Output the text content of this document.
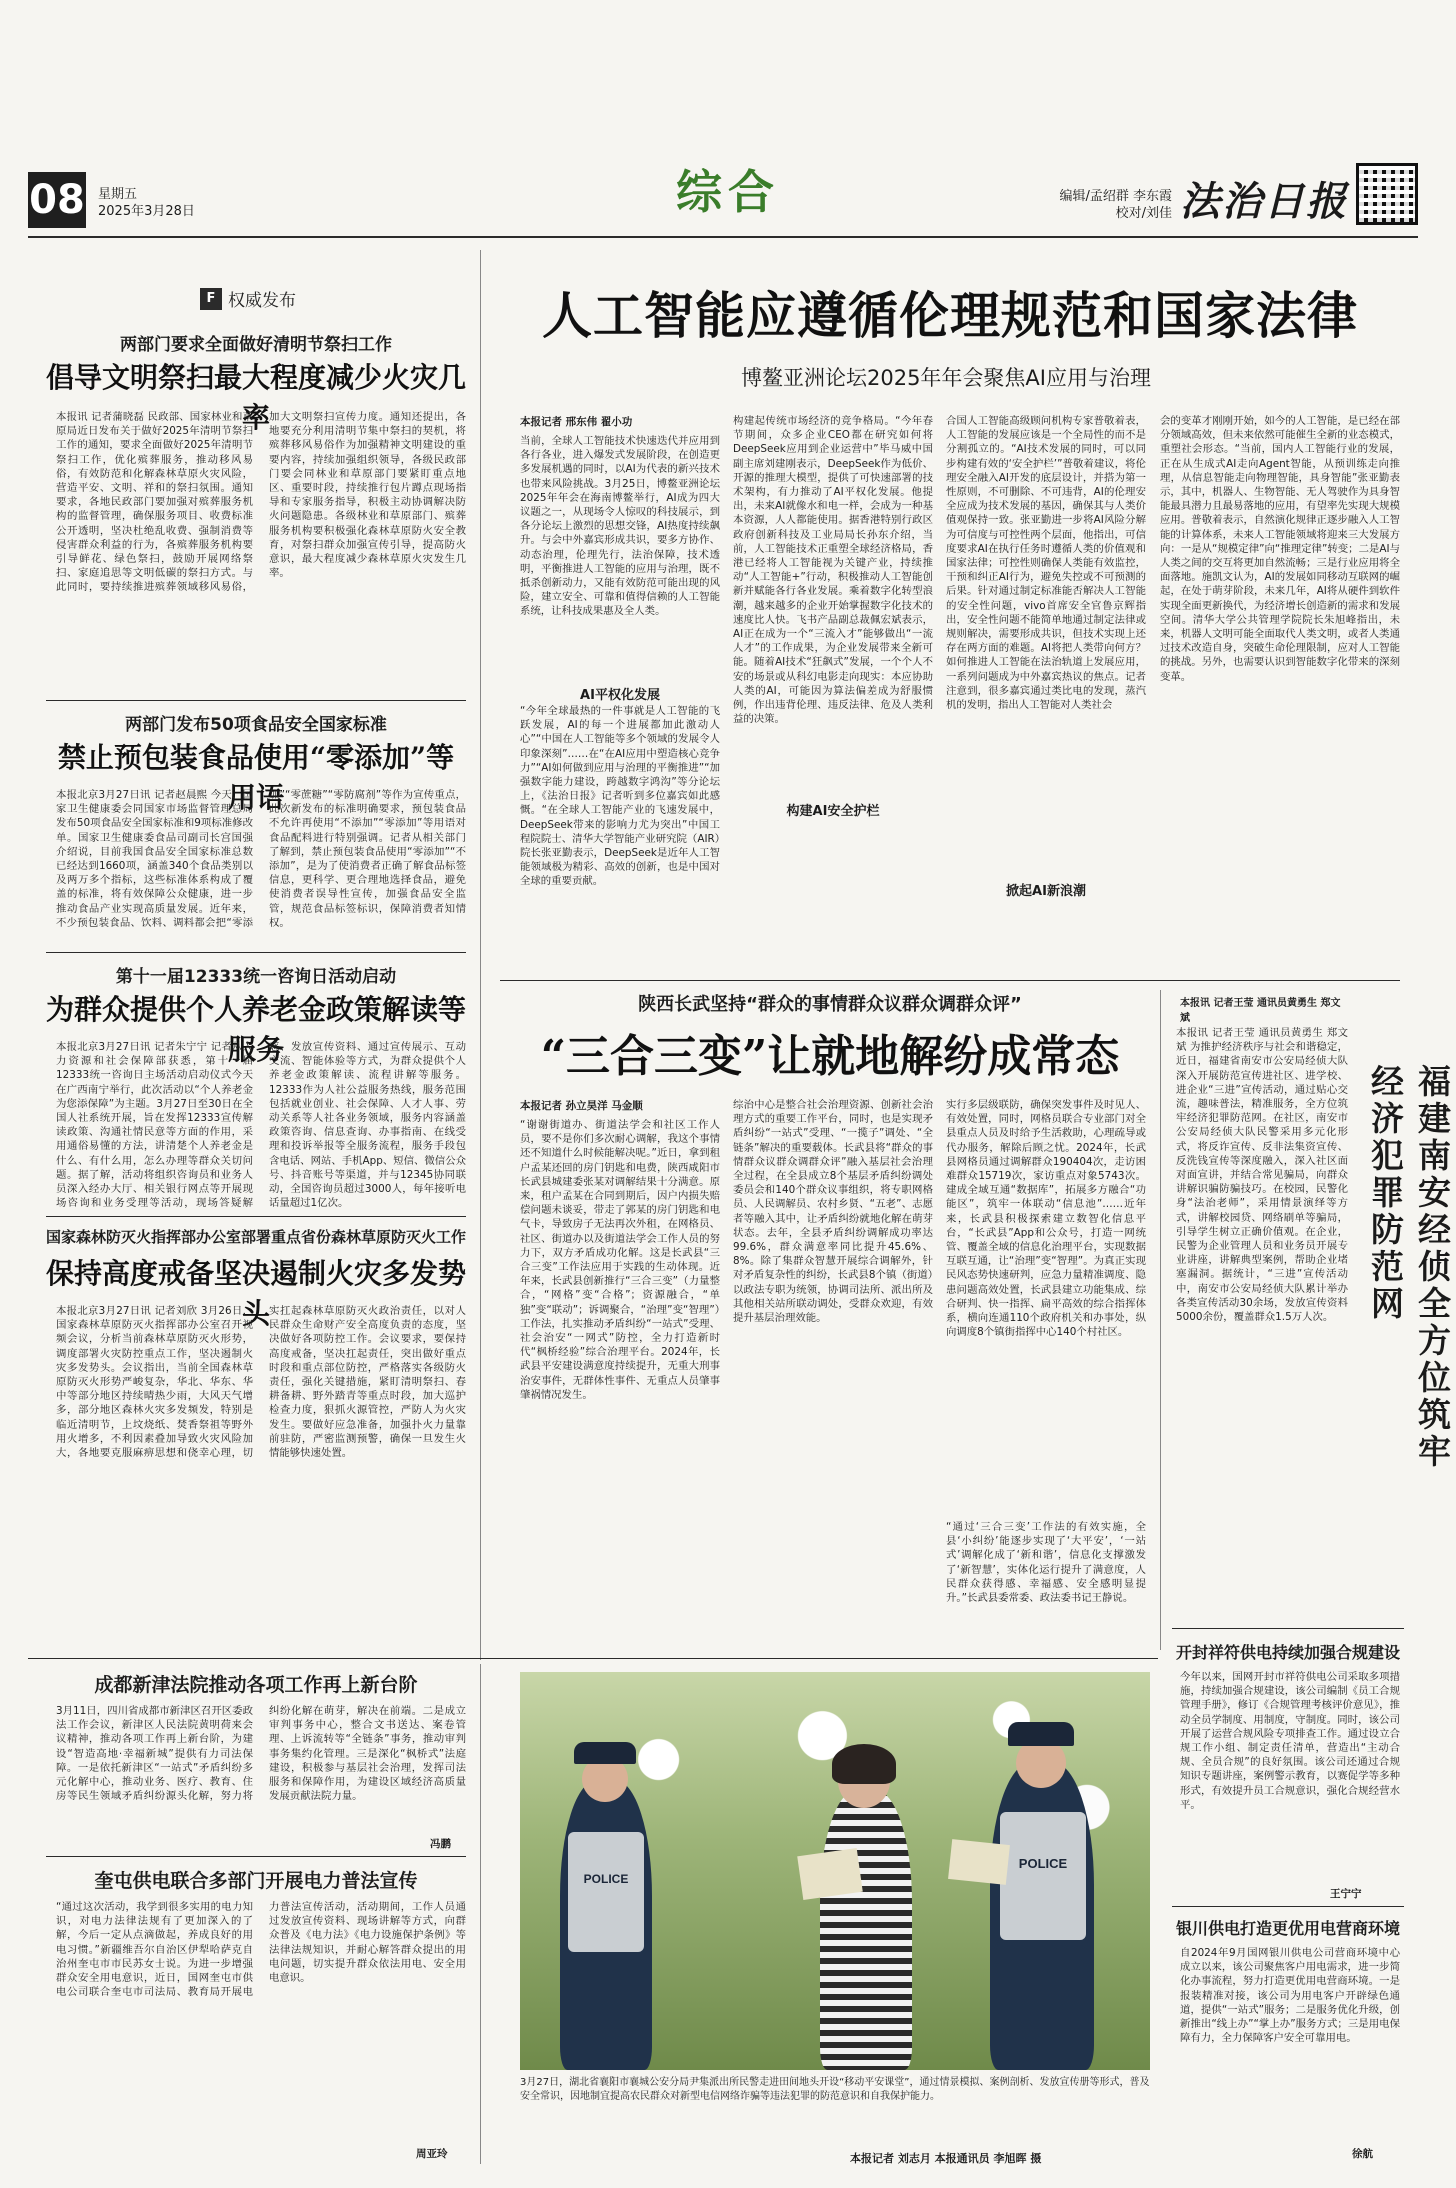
08 星期五
2025年3月28日	综合	编辑/孟绍群 李东霞
校对/刘佳 法治日报
F 权威发布
两部门要求全面做好清明节祭扫工作
倡导文明祭扫最大程度减少火灾几率
本报讯 记者蒲晓磊 民政部、国家林业和草原局近日发布关于做好2025年清明节祭扫工作的通知，要求全面做好2025年清明节祭扫工作，优化殡葬服务，推动移风易俗，有效防范和化解森林草原火灾风险，营造平安、文明、祥和的祭扫氛围。通知要求，各地民政部门要加强对殡葬服务机构的监督管理，确保服务项目、收费标准公开透明，坚决杜绝乱收费、强制消费等侵害群众利益的行为，各殡葬服务机构要引导鲜花、绿色祭扫，鼓励开展网络祭扫、家庭追思等文明低碳的祭扫方式。与此同时，要持续推进殡葬领域移风易俗，加大文明祭扫宣传力度。通知还提出，各地要充分利用清明节集中祭扫的契机，将殡葬移风易俗作为加强精神文明建设的重要内容，持续加强组织领导，各级民政部门要会同林业和草原部门要紧盯重点地区、重要时段，持续推行包片蹲点现场指导和专家服务指导，积极主动协调解决防火问题隐患。各级林业和草原部门、殡葬服务机构要积极强化森林草原防火安全教育，对祭扫群众加强宣传引导，提高防火意识，最大程度减少森林草原火灾发生几率。
两部门发布50项食品安全国家标准
禁止预包装食品使用“零添加”等用语
本报北京3月27日讯 记者赵晨熙 今天，国家卫生健康委会同国家市场监督管理总局发布50项食品安全国家标准和9项标准修改单。国家卫生健康委食品司副司长宫国强介绍说，目前我国食品安全国家标准总数已经达到1660项，涵盖340个食品类别以及两万多个指标，这些标准体系构成了覆盖的标准，将有效保障公众健康，进一步推动食品产业实现高质量发展。近年来，不少预包装食品、饮料、调料都会把“零添加”“零蔗糖”“零防腐剂”等作为宣传重点，此次新发布的标准明确要求，预包装食品不允许再使用“不添加”“零添加”等用语对食品配料进行特别强调。记者从相关部门了解到，禁止预包装食品使用“零添加”“不添加”，是为了使消费者正确了解食品标签信息，更科学、更合理地选择食品，避免使消费者误导性宣传，加强食品安全监管，规范食品标签标识，保障消费者知情权。
第十一届12333统一咨询日活动启动
为群众提供个人养老金政策解读等服务
本报北京3月27日讯 记者朱宁宁 记者从人力资源和社会保障部获悉，第十一届12333统一咨询日主场活动启动仪式今天在广西南宁举行，此次活动以“个人养老金 为您添保障”为主题。3月27日至30日在全国人社系统开展，旨在发挥12333宣传解读政策、沟通社情民意等方面的作用，采用通俗易懂的方法，讲清楚个人养老金是什么、有什么用，怎么办理等群众关切问题。据了解，活动将组织咨询员和业务人员深入经办大厅、相关银行网点等开展现场咨询和业务受理等活动，现场答疑解惑、发放宣传资料、通过宣传展示、互动交流、智能体验等方式，为群众提供个人养老金政策解读、流程讲解等服务。12333作为人社公益服务热线，服务范围包括就业创业、社会保障、人才人事、劳动关系等人社各业务领域，服务内容涵盖政策咨询、信息查询、办事指南、在线受理和投诉举报等全服务流程，服务手段包含电话、网站、手机App、短信、微信公众号、抖音账号等渠道，并与12345协同联动，全国咨询员超过3000人，每年接听电话量超过1亿次。
国家森林防灭火指挥部办公室部署重点省份森林草原防灭火工作
保持高度戒备坚决遏制火灾多发势头
本报北京3月27日讯 记者刘欣 3月26日，国家森林草原防灭火指挥部办公室召开视频会议，分析当前森林草原防灭火形势，调度部署火灾防控重点工作，坚决遏制火灾多发势头。会议指出，当前全国森林草原防灭火形势严峻复杂，华北、华东、华中等部分地区持续晴热少雨，大风天气增多，部分地区森林火灾多发频发，特别是临近清明节，上坟烧纸、焚香祭祖等野外用火增多，不利因素叠加导致火灾风险加大，各地要克服麻痹思想和侥幸心理，切实扛起森林草原防灭火政治责任，以对人民群众生命财产安全高度负责的态度，坚决做好各项防控工作。会议要求，要保持高度戒备，坚决扛起责任，突出做好重点时段和重点部位防控，严格落实各级防火责任，强化关键措施，紧盯清明祭扫、春耕备耕、野外踏青等重点时段，加大巡护检查力度，狠抓火源管控，严防人为火灾发生。要做好应急准备，加强扑火力量靠前驻防，严密监测预警，确保一旦发生火情能够快速处置。
人工智能应遵循伦理规范和国家法律
博鳌亚洲论坛2025年年会聚焦AI应用与治理
本报记者 邢东伟 翟小功
当前，全球人工智能技术快速迭代并应用到各行各业，进入爆发式发展阶段，在创造更多发展机遇的同时，以AI为代表的新兴技术也带来风险挑战。3月25日，博鳌亚洲论坛2025年年会在海南博鳌举行，AI成为四大议题之一，从现场令人惊叹的科技展示，到各分论坛上激烈的思想交锋，AI热度持续飙升。与会中外嘉宾形成共识，要多方协作、动态治理，伦理先行，法治保障，技术透明，平衡推进人工智能的应用与治理，既不抵杀创新动力，又能有效防范可能出现的风险，建立安全、可靠和值得信赖的人工智能系统，让科技成果惠及全人类。
AI平权化发展
“今年全球最热的一件事就是人工智能的飞跃发展，AI的每一个进展都加此激动人心”“中国在人工智能等多个领域的发展令人印象深刻”……在“在AI应用中塑造核心竞争力”“AI如何做到应用与治理的平衡推进”“加强数字能力建设，跨越数字鸿沟”等分论坛上，《法治日报》记者听到多位嘉宾如此感慨。“在全球人工智能产业的飞速发展中，DeepSeek带来的影响力尤为突出”中国工程院院士、清华大学智能产业研究院（AIR）院长张亚勤表示，DeepSeek是近年人工智能领域极为精彩、高效的创新，也是中国对全球的重要贡献。
构建起传统市场经济的竞争格局。“今年春节期间，众多企业CEO都在研究如何将DeepSeek应用到企业运营中”毕马威中国副主席刘建刚表示，DeepSeek作为低价、开源的推理大模型，提供了可快速部署的技术架构，有力推动了AI平权化发展。他提出，未来AI就像水和电一样，会成为一种基本资源，人人都能使用。据香港特别行政区政府创新科技及工业局局长孙东介绍，当前，人工智能技术正重塑全球经济格局，香港已经将人工智能视为关键产业，持续推动“人工智能+”行动，积极推动人工智能创新并赋能各行各业发展。乘着数字化转型浪潮，越来越多的企业开始掌握数字化技术的速度比人快。飞书产品副总裁佩宏斌表示，AI正在成为一个“三流入才”能够做出“一流人才”的工作成果，为企业发展带来全新可能。随着AI技术“狂飙式”发展，一个个人不安的场景或从科幻电影走向现实：本应协助人类的AI，可能因为算法偏差成为舒服惯例，作出违背伦理、违反法律、危及人类利益的决策。
构建AI安全护栏
合国人工智能高级顾问机构专家普敬着表，人工智能的发展应该是一个全局性的而不是分割孤立的。“AI技术发展的同时，可以同步构建有效的‘安全护栏’”普敬着建议，将伦理安全融入AI开发的底层设计，并搭为第一性原则，不可删除、不可违背，AI的伦理安全应成为技术发展的基因，确保其与人类价值观保持一致。张亚勤进一步将AI风险分解为可信度与可控性两个层面，他指出，可信度要求AI在执行任务时遵循人类的价值观和国家法律；可控性则确保人类能有效监控，干预和纠正AI行为，避免失控或不可预测的后果。针对通过制定标准能否解决人工智能的安全性问题，vivo首席安全官鲁京辉指出，安全性问题不能简单地通过制定法律或规则解决，需要形成共识，但技术实现上还存在两方面的难题。AI将把人类带向何方？如何推进人工智能在法治轨道上发展应用，一系列问题成为中外嘉宾热议的焦点。记者注意到，很多嘉宾通过类比电的发现，蒸汽机的发明，指出人工智能对人类社会
掀起AI新浪潮
会的变革才刚刚开始，如今的人工智能，是已经在部分领域高效，但未来依然可能催生全新的业态模式，重塑社会形态。“当前，国内人工智能行业的发展，正在从生成式AI走向Agent智能，从预训练走向推理，从信息智能走向物理智能，具身智能”张亚勤表示，其中，机器人、生物智能、无人驾驶作为具身智能最具潜力且最易落地的应用，有望率先实现大规模应用。普敬着表示，自然演化规律正逐步融入人工智能的计算体系，未来人工智能领域将迎来三大发展方向：一是从“规模定律”向“推理定律”转变；二是AI与人类之间的交互将更加自然流畅；三是行业应用将全面落地。施凯文认为，AI的发展如同移动互联网的崛起，在处于萌芽阶段，未来几年，AI将从硬件到软件实现全面更新换代，为经济增长创造新的需求和发展空间。清华大学公共管理学院院长朱旭峰指出，未来，机器人文明可能全面取代人类文明，或者人类通过技术改造自身，突破生命伦理限制，应对人工智能的挑战。另外，也需要认识到智能数字化带来的深刻变革。
陕西长武坚持“群众的事情群众议群众调群众评”
“三合三变”让就地解纷成常态
本报记者 孙立昊洋 马金顺
“谢谢街道办、街道法学会和社区工作人员，要不是你们多次耐心调解，我这个事情还不知道什么时候能解决呢。”近日，拿到租户孟某还回的房门钥匙和电费，陕西咸阳市长武县城建委张某对调解结果十分满意。原来，租户孟某在合同到期后，因户内损失赔偿问题未谈妥，带走了郭某的房门钥匙和电气卡，导致房子无法再次外租，在网格员、社区、街道办以及街道法学会工作人员的努力下，双方矛盾成功化解。这是长武县“三合三变”工作法应用于实践的生动体现。近年来，长武县创新推行“三合三变”（力量整合，“网格”变“合格”；资源融合，“单独”变“联动”；诉调聚合，“治理”变“智理”）工作法，扎实推动矛盾纠纷“一站式”受理、社会治安“一网式”防控，全力打造新时代“枫桥经验”综合治理平台。2024年，长武县平安建设满意度持续提升，无重大刑事治安事件，无群体性事件、无重点人员肇事肇祸情况发生。
综治中心是整合社会治理资源、创新社会治理方式的重要工作平台，同时，也是实现矛盾纠纷“一站式”受理、“一揽子”调处、“全链条”解决的重要载体。长武县将“群众的事情群众议群众调群众评”融入基层社会治理全过程，在全县成立8个基层矛盾纠纷调处委员会和140个群众议事组织，将专职网格员、人民调解员、农村乡贤、“五老”、志愿者等融入其中，让矛盾纠纷就地化解在萌芽状态。去年，全县矛盾纠纷调解成功率达99.6%，群众满意率同比提升45.6%、8%。除了集群众智慧开展综合调解外，针对矛盾复杂性的纠纷，长武县8个镇（街道）以政法专职为统领，协调司法所、派出所及其他相关站所联动调处，受群众欢迎，有效提升基层治理效能。
实行多层级联防，确保突发事件及时见人、有效处置，同时，网格员联合专业部门对全县重点人员及时给予生活救助，心理疏导或代办服务，解除后顾之忧。2024年，长武县网格员通过调解群众190404次，走访困难群众15719次，家访重点对象5743次。建成全域互通“数据库”，拓展多方融合“功能区”，筑牢一体联动“信息池”……近年来，长武县积极探索建立数智化信息平台，“长武县”App和公众号，打造一网统管、覆盖全域的信息化治理平台，实现数据互联互通，让“治理”变“智理”。为真正实现民风态势快速研判，应急力量精准调度、隐患问题高效处置，长武县建立功能集成、综合研判、快一指挥、扁平高效的综合指挥体系，横向连通110个政府机关和办事处，纵向调度8个镇街指挥中心140个村社区。
“通过‘三合三变’工作法的有效实施，全县‘小纠纷’能逐步实现了‘大平安’，‘一站式’调解化成了‘新和谐’，信息化支撑激发了‘新智慧’，实体化运行提升了满意度，人民群众获得感、幸福感、安全感明显提升。”长武县委常委、政法委书记王静说。
福建南安经侦全方位筑牢经济犯罪防范网
本报讯 记者王莹 通讯员黄勇生 郑文斌
本报讯 记者王莹 通讯员黄勇生 郑文斌 为推护经济秩序与社会和谐稳定，近日，福建省南安市公安局经侦大队深入开展防范宣传进社区、进学校、进企业“三进”宣传活动，通过贴心交流，趣味普法，精准服务，全方位筑牢经济犯罪防范网。在社区，南安市公安局经侦大队民警采用多元化形式，将反诈宣传、反非法集资宣传、反洗钱宣传等深度融入，深入社区面对面宣讲，并结合常见骗局，向群众讲解识骗防骗技巧。在校园，民警化身“法治老师”，采用情景演绎等方式，讲解校园贷、网络刷单等骗局，引导学生树立正确价值观。在企业，民警为企业管理人员和业务员开展专业讲座，讲解典型案例，帮助企业堵塞漏洞。据统计，“三进”宣传活动中，南安市公安局经侦大队累计举办各类宣传活动30余场，发放宣传资料5000余份，覆盖群众1.5万人次。
开封祥符供电持续加强合规建设
今年以来，国网开封市祥符供电公司采取多项措施，持续加强合规建设，该公司编制《员工合规管理手册》，修订《合规管理考核评价意见》，推动全员学制度、用制度，守制度。同时，该公司开展了运营合规风险专项排查工作。通过设立合规工作小组、制定责任清单，营造出“主动合规、全员合规”的良好氛围。该公司还通过合规知识专题讲座，案例警示教育，以赛促学等多种形式，有效提升员工合规意识，强化合规经营水平。
王宁宁
银川供电打造更优用电营商环境
自2024年9月国网银川供电公司营商环境中心成立以来，该公司聚焦客户用电需求，进一步简化办事流程，努力打造更优用电营商环境。一是报装精准对接，该公司为用电客户开辟绿色通道，提供“一站式”服务；二是服务优化升级，创新推出“线上办”“掌上办”服务方式；三是用电保障有力，全力保障客户安全可靠用电。
徐航
成都新津法院推动各项工作再上新台阶
3月11日，四川省成都市新津区召开区委政法工作会议，新津区人民法院黄明荷来会议精神，推动各项工作再上新台阶，为建设“智造高地·幸福新城”提供有力司法保障。一是依托新津区“一站式”矛盾纠纷多元化解中心，推动业务、医疗、教育、住房等民生领域矛盾纠纷源头化解，努力将纠纷化解在萌芽，解决在前端。二是成立审判事务中心，整合文书送达、案卷管理、上诉流转等“全链条”事务，推动审判事务集约化管理。三是深化“枫桥式”法庭建设，积极参与基层社会治理，发挥司法服务和保障作用，为建设区域经济高质量发展贡献法院力量。
冯鹏
奎屯供电联合多部门开展电力普法宣传
“通过这次活动，我学到很多实用的电力知识，对电力法律法规有了更加深入的了解，今后一定从点滴做起，养成良好的用电习惯。”新疆维吾尔自治区伊犁哈萨克自治州奎屯市市民苏女士说。为进一步增强群众安全用电意识，近日，国网奎屯市供电公司联合奎屯市司法局、教育局开展电力普法宣传活动，活动期间，工作人员通过发放宣传资料、现场讲解等方式，向群众普及《电力法》《电力设施保护条例》等法律法规知识，并耐心解答群众提出的用电问题，切实提升群众依法用电、安全用电意识。
周亚玲
POLICE
POLICE
3月27日，湖北省襄阳市襄城公安分局尹集派出所民警走进田间地头开设“移动平安课堂”，通过情景模拟、案例剖析、发放宣传册等形式，普及安全常识，因地制宜提高农民群众对新型电信网络诈骗等违法犯罪的防范意识和自我保护能力。
本报记者 刘志月 本报通讯员 李旭晖 摄
